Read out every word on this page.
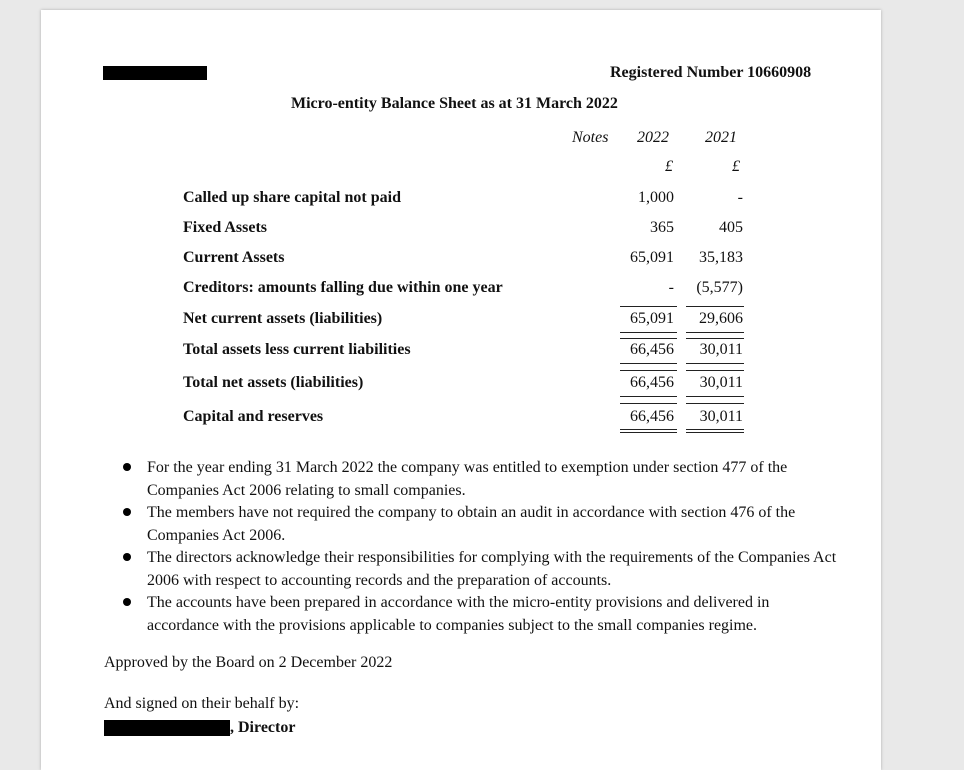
Registered Number 10660908
Micro-entity Balance Sheet as at 31 March 2022
Notes 2022 2021
£	£
Called up share capital not paid	1,000	-
Fixed Assets	365	405
Current Assets	65,091	35,183
Creditors: amounts falling due within one year	-	(5,577)
Net current assets (liabilities)	65,091	29,606
Total assets less current liabilities	66,456	30,011
Total net assets (liabilities)	66,456	30,011
Capital and reserves	66,456	30,011
For the year ending 31 March 2022 the company was entitled to exemption under section 477 of the Companies Act 2006 relating to small companies.
The members have not required the company to obtain an audit in accordance with section 476 of the Companies Act 2006.
The directors acknowledge their responsibilities for complying with the requirements of the Companies Act 2006 with respect to accounting records and the preparation of accounts.
The accounts have been prepared in accordance with the micro-entity provisions and delivered in accordance with the provisions applicable to companies subject to the small companies regime.
Approved by the Board on 2 December 2022
And signed on their behalf by:
, Director
